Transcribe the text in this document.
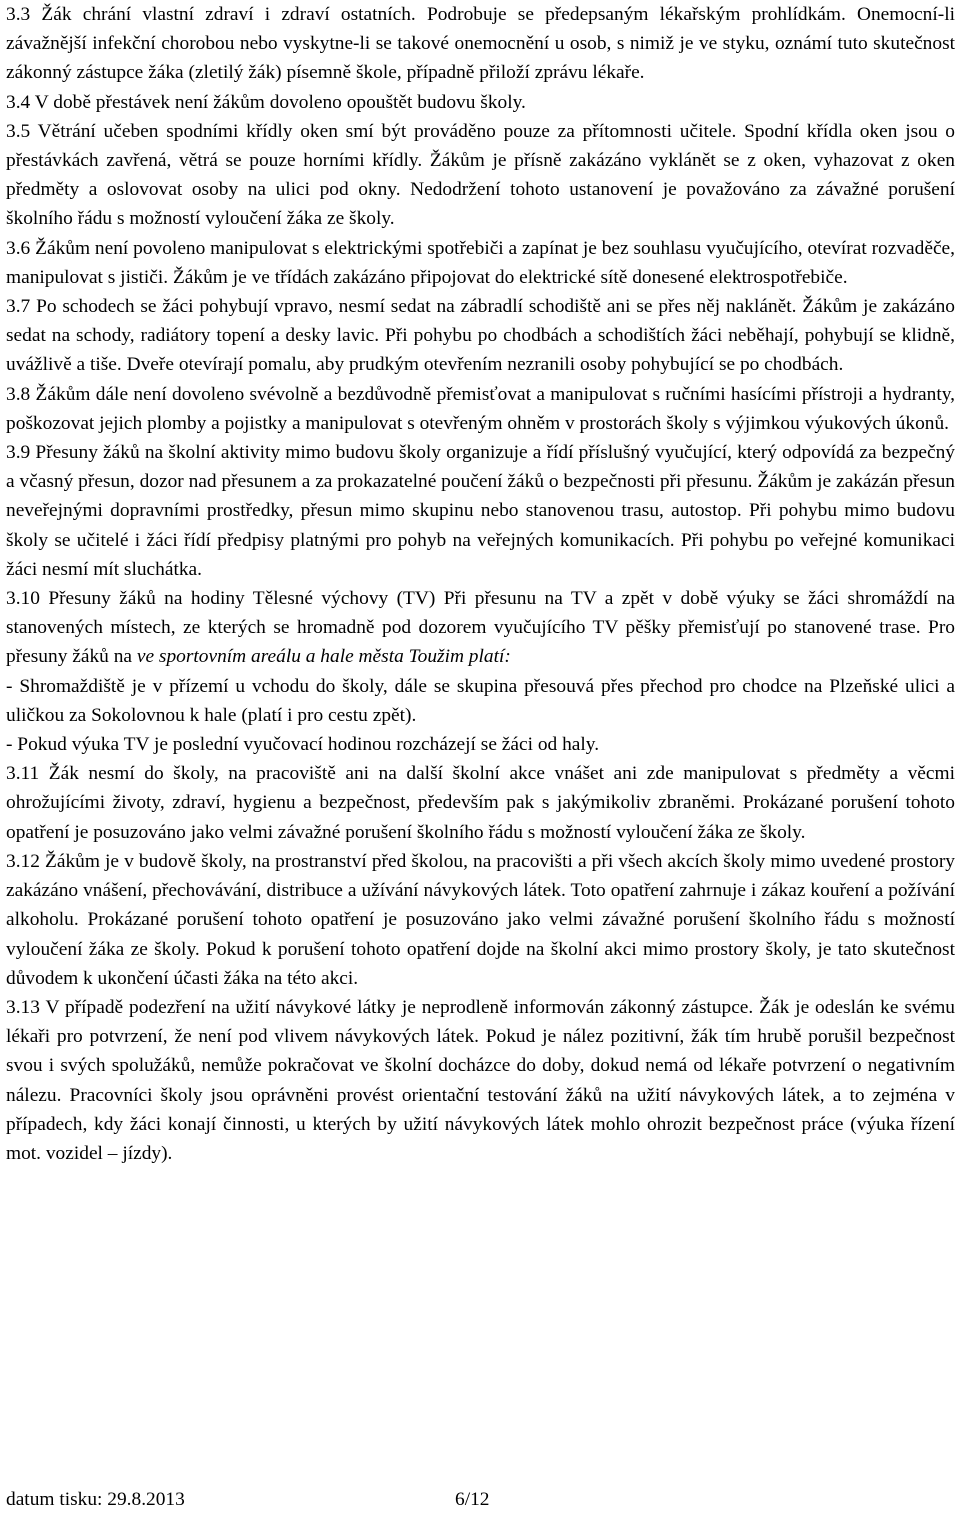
3.3 Žák chrání vlastní zdraví i zdraví ostatních. Podrobuje se předepsaným lékařským prohlídkám. Onemocní-li závažnější infekční chorobou nebo vyskytne-li se takové onemocnění u osob, s nimiž je ve styku, oznámí tuto skutečnost zákonný zástupce žáka (zletilý žák) písemně škole, případně přiloží zprávu lékaře.

3.4 V době přestávek není žákům dovoleno opouštět budovu školy.

3.5 Větrání učeben spodními křídly oken smí být prováděno pouze za přítomnosti učitele. Spodní křídla oken jsou o přestávkách zavřená, větrá se pouze horními křídly. Žákům je přísně zakázáno vyklánět se z oken, vyhazovat z oken předměty a oslovovat osoby na ulici pod okny. Nedodržení tohoto ustanovení je považováno za závažné porušení školního řádu s možností vyloučení žáka ze školy.

3.6 Žákům není povoleno manipulovat s elektrickými spotřebiči a zapínat je bez souhlasu vyučujícího, otevírat rozvaděče, manipulovat s jističi. Žákům je ve třídách zakázáno připojovat do elektrické sítě donesené elektrospotřebiče.

3.7 Po schodech se žáci pohybují vpravo, nesmí sedat na zábradlí schodiště ani se přes něj naklánět. Žákům je zakázáno sedat na schody, radiátory topení a desky lavic. Při pohybu po chodbách a schodištích žáci neběhají, pohybují se klidně, uvážlivě a tiše. Dveře otevírají pomalu, aby prudkým otevřením nezranili osoby pohybující se po chodbách.

3.8 Žákům dále není dovoleno svévolně a bezdůvodně přemisťovat a manipulovat s ručními hasícími přístroji a hydranty, poškozovat jejich plomby a pojistky a manipulovat s otevřeným ohněm v prostorách školy s výjimkou výukových úkonů.

3.9 Přesuny žáků na školní aktivity mimo budovu školy organizuje a řídí příslušný vyučující, který odpovídá za bezpečný a včasný přesun, dozor nad přesunem a za prokazatelné poučení žáků o bezpečnosti při přesunu. Žákům je zakázán přesun neveřejnými dopravními prostředky, přesun mimo skupinu nebo stanovenou trasu, autostop. Při pohybu mimo budovu školy se učitelé i žáci řídí předpisy platnými pro pohyb na veřejných komunikacích. Při pohybu po veřejné komunikaci žáci nesmí mít sluchátka.

3.10 Přesuny žáků na hodiny Tělesné výchovy (TV) Při přesunu na TV a zpět v době výuky se žáci shromáždí na stanovených místech, ze kterých se hromadně pod dozorem vyučujícího TV pěšky přemisťují po stanovené trase. Pro přesuny žáků na ve sportovním areálu a hale města Toužim platí:

- Shromaždiště je v přízemí u vchodu do školy, dále se skupina přesouvá přes přechod pro chodce na Plzeňské ulici a uličkou za Sokolovnou k hale (platí i pro cestu zpět).

- Pokud výuka TV je poslední vyučovací hodinou rozcházejí se žáci od haly.

3.11 Žák nesmí do školy, na pracoviště ani na další školní akce vnášet ani zde manipulovat s předměty a věcmi ohrožujícími životy, zdraví, hygienu a bezpečnost, především pak s jakýmikoliv zbraněmi. Prokázané porušení tohoto opatření je posuzováno jako velmi závažné porušení školního řádu s možností vyloučení žáka ze školy.

3.12 Žákům je v budově školy, na prostranství před školou, na pracovišti a při všech akcích školy mimo uvedené prostory zakázáno vnášení, přechovávání, distribuce a užívání návykových látek. Toto opatření zahrnuje i zákaz kouření a požívání alkoholu. Prokázané porušení tohoto opatření je posuzováno jako velmi závažné porušení školního řádu s možností vyloučení žáka ze školy. Pokud k porušení tohoto opatření dojde na školní akci mimo prostory školy, je tato skutečnost důvodem k ukončení účasti žáka na této akci.

3.13 V případě podezření na užití návykové látky je neprodleně informován zákonný zástupce. Žák je odeslán ke svému lékaři pro potvrzení, že není pod vlivem návykových látek. Pokud je nález pozitivní, žák tím hrubě porušil bezpečnost svou i svých spolužáků, nemůže pokračovat ve školní docházce do doby, dokud nemá od lékaře potvrzení o negativním nálezu. Pracovníci školy jsou oprávněni provést orientační testování žáků na užití návykových látek, a to zejména v případech, kdy žáci konají činnosti, u kterých by užití návykových látek mohlo ohrozit bezpečnost práce (výuka řízení mot. vozidel – jízdy).

datum tisku: 29.8.2013	6/12
